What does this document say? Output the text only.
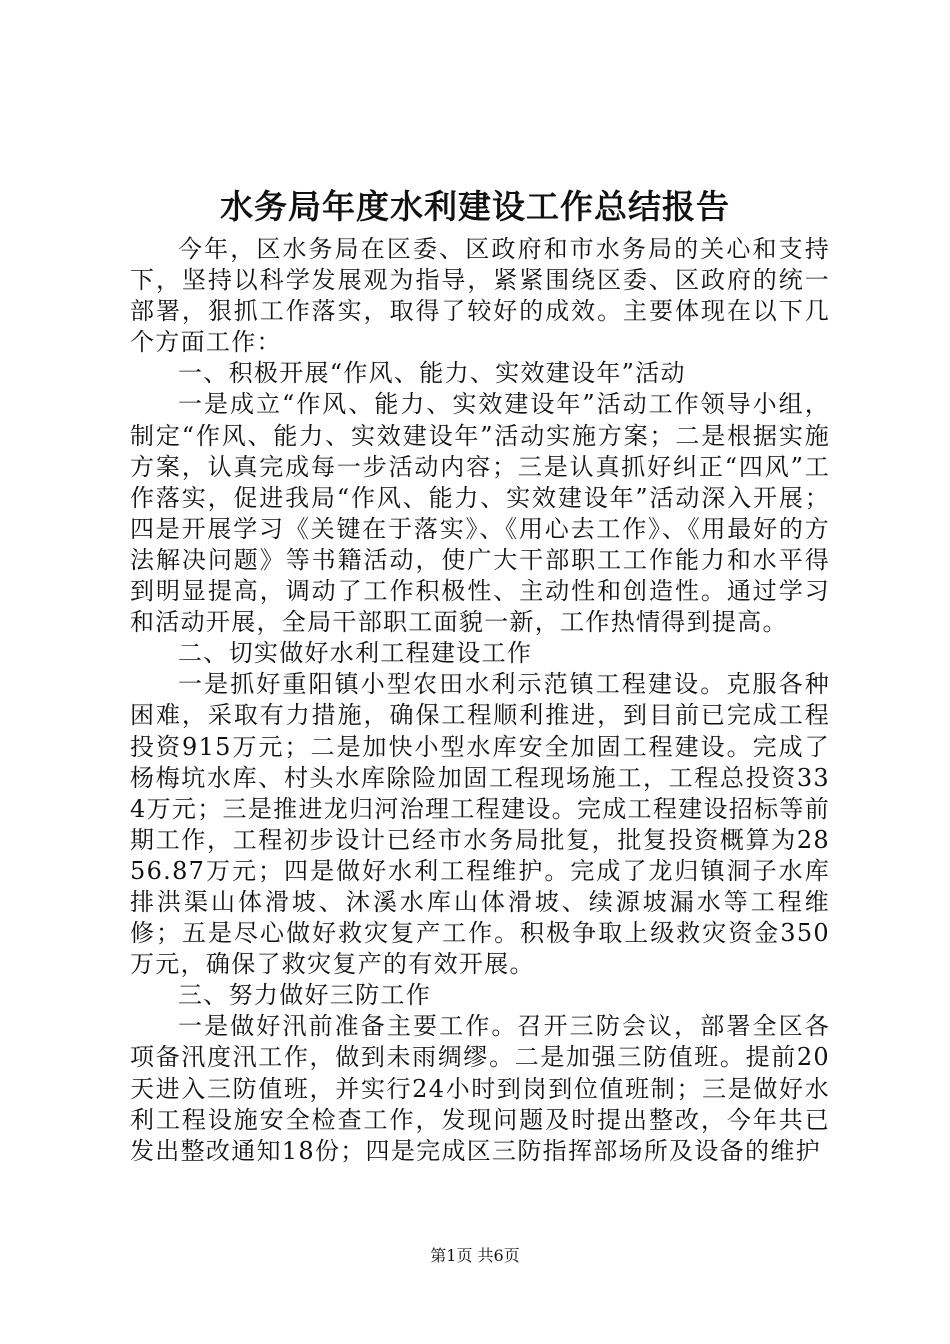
水务局年度水利建设工作总结报告

今年，区水务局在区委、区政府和市水务局的关心和支持下，坚持以科学发展观为指导，紧紧围绕区委、区政府的统一部署，狠抓工作落实，取得了较好的成效。主要体现在以下几个方面工作：

一、积极开展“作风、能力、实效建设年”活动

一是成立“作风、能力、实效建设年”活动工作领导小组，制定“作风、能力、实效建设年”活动实施方案；二是根据实施方案，认真完成每一步活动内容；三是认真抓好纠正“四风”工作落实，促进我局“作风、能力、实效建设年”活动深入开展；四是开展学习《关键在于落实》、《用心去工作》、《用最好的方法解决问题》等书籍活动，使广大干部职工工作能力和水平得到明显提高，调动了工作积极性、主动性和创造性。通过学习和活动开展，全局干部职工面貌一新，工作热情得到提高。

二、切实做好水利工程建设工作

一是抓好重阳镇小型农田水利示范镇工程建设。克服各种困难，采取有力措施，确保工程顺利推进，到目前已完成工程投资915万元；二是加快小型水库安全加固工程建设。完成了杨梅坑水库、村头水库除险加固工程现场施工，工程总投资334万元；三是推进龙归河治理工程建设。完成工程建设招标等前期工作，工程初步设计已经市水务局批复，批复投资概算为2856.87万元；四是做好水利工程维护。完成了龙归镇洞子水库排洪渠山体滑坡、沐溪水库山体滑坡、续源坡漏水等工程维修；五是尽心做好救灾复产工作。积极争取上级救灾资金350万元，确保了救灾复产的有效开展。

三、努力做好三防工作

一是做好汛前准备主要工作。召开三防会议，部署全区各项备汛度汛工作，做到未雨绸缪。二是加强三防值班。提前20天进入三防值班，并实行24小时到岗到位值班制；三是做好水利工程设施安全检查工作，发现问题及时提出整改，今年共已发出整改通知18份；四是完成区三防指挥部场所及设备的维护

第1页 共6页
